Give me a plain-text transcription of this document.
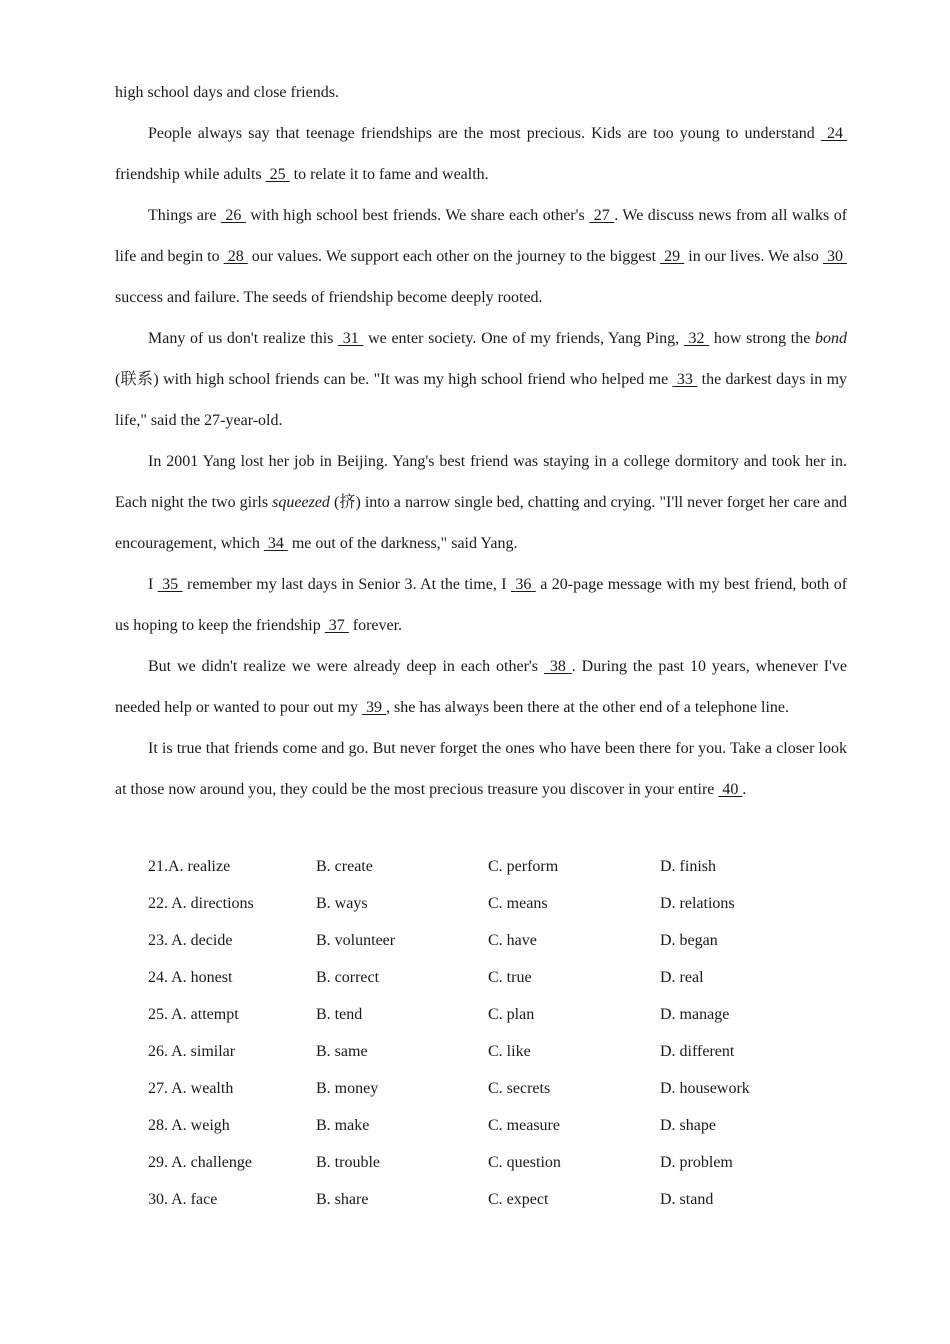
high school days and close friends.

People always say that teenage friendships are the most precious. Kids are too young to understand  24  friendship while adults  25  to relate it to fame and wealth.

Things are  26  with high school best friends. We share each other's  27 . We discuss news from all walks of life and begin to  28  our values. We support each other on the journey to the biggest  29  in our lives. We also  30  success and failure. The seeds of friendship become deeply rooted.

Many of us don't realize this  31  we enter society. One of my friends, Yang Ping,  32  how strong the bond (联系) with high school friends can be. "It was my high school friend who helped me  33  the darkest days in my life," said the 27-year-old.

In 2001 Yang lost her job in Beijing. Yang's best friend was staying in a college dormitory and took her in. Each night the two girls squeezed (挤) into a narrow single bed, chatting and crying. "I'll never forget her care and encouragement, which  34  me out of the darkness," said Yang.

I  35  remember my last days in Senior 3. At the time, I  36  a 20-page message with my best friend, both of us hoping to keep the friendship  37  forever.

But we didn't realize we were already deep in each other's  38 . During the past 10 years, whenever I've needed help or wanted to pour out my  39 , she has always been there at the other end of a telephone line.

It is true that friends come and go. But never forget the ones who have been there for you. Take a closer look at those now around you, they could be the most precious treasure you discover in your entire  40 .

21.A. realize	B. create	C. perform	D. finish
22. A. directions	B. ways	C. means	D. relations
23. A. decide	B. volunteer	C. have	D. began
24. A. honest	B. correct	C. true	D. real
25. A. attempt	B. tend	C. plan	D. manage
26. A. similar	B. same	C. like	D. different
27. A. wealth	B. money	C. secrets	D. housework
28. A. weigh	B. make	C. measure	D. shape
29. A. challenge	B. trouble	C. question	D. problem
30. A. face	B. share	C. expect	D. stand
